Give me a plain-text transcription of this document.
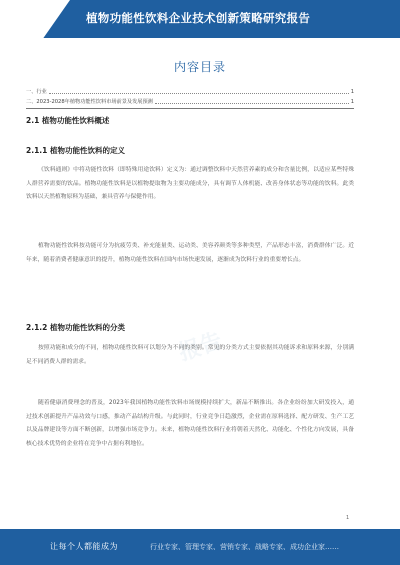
植物功能性饮料企业技术创新策略研究报告
内容目录
一、行业	1
二、2023-2028年植物功能性饮料市场前景及发展预测	1
2.1 植物功能性饮料概述
2.1.1 植物功能性饮料的定义
《饮料通则》中将功能性饮料（即特殊用途饮料）定义为：通过调整饮料中天然营养素的成分和含量比例，以适应某些特殊人群营养需要的饮品。植物功能性饮料是以植物提取物为主要功能成分，具有调节人体机能、改善身体状态等功能的饮料。此类饮料以天然植物原料为基础，兼具营养与保健作用。
植物功能性饮料按功能可分为抗疲劳类、补充能量类、运动类、美容养颜类等多种类型，产品形态丰富，消费群体广泛。近年来，随着消费者健康意识的提升，植物功能性饮料在国内市场快速发展，逐渐成为饮料行业的重要增长点。
2.1.2 植物功能性饮料的分类
按照功能和成分的不同，植物功能性饮料可以划分为不同的类别。常见的分类方式主要依据其功能诉求和原料来源，分别满足不同消费人群的需求。
随着健康消费理念的普及，2023年我国植物功能性饮料市场规模持续扩大，新品不断推出。各企业纷纷加大研发投入，通过技术创新提升产品功效与口感，推动产品结构升级。与此同时，行业竞争日趋激烈，企业需在原料选择、配方研发、生产工艺以及品牌建设等方面不断创新，以增强市场竞争力。未来，植物功能性饮料行业将朝着天然化、功能化、个性化方向发展，具备核心技术优势的企业将在竞争中占据有利地位。
报告
1
让每个人都能成为	行业专家、管理专家、营销专家、战略专家、成功企业家……
